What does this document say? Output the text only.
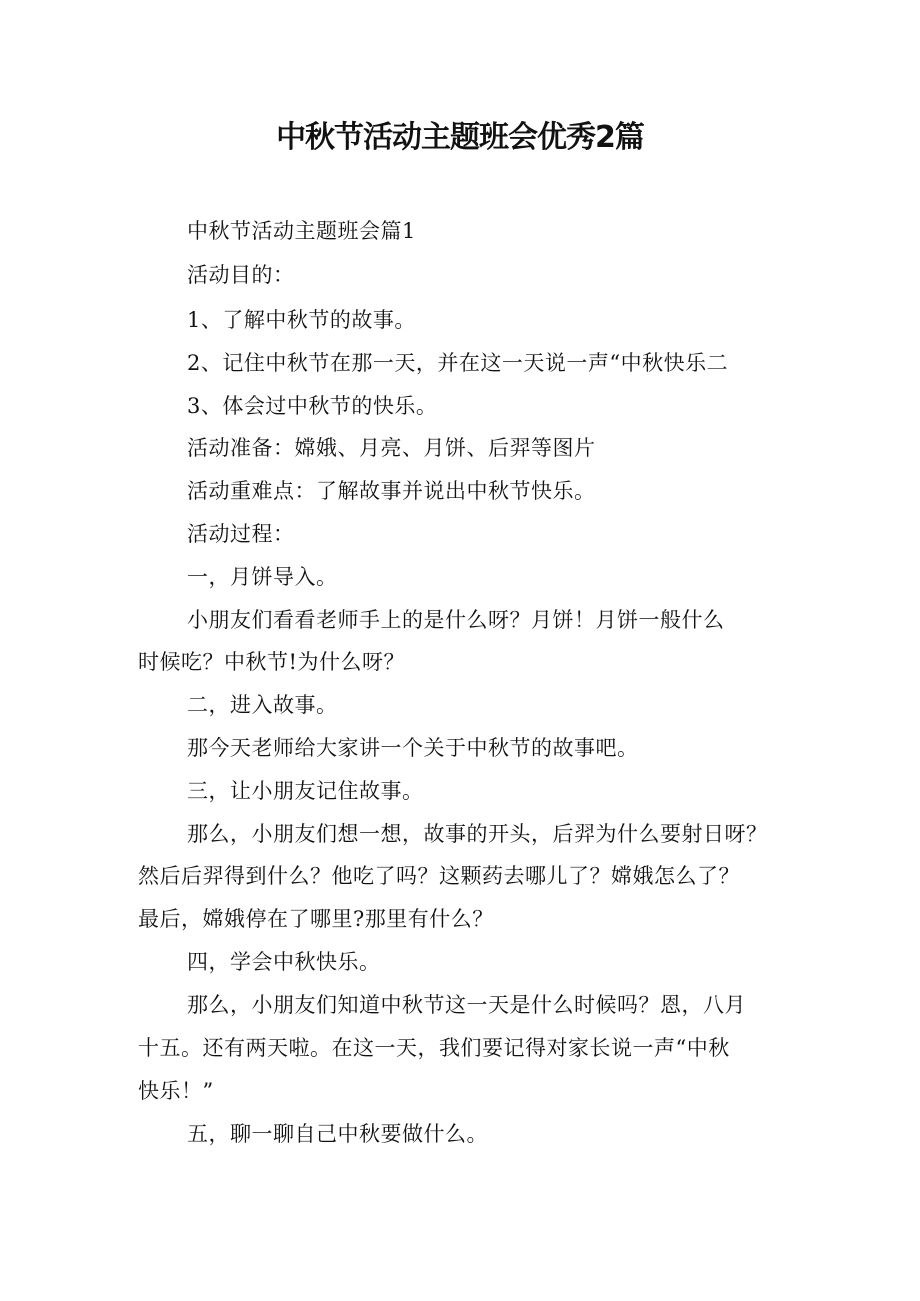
中秋节活动主题班会优秀2篇
中秋节活动主题班会篇1
活动目的：
1、了解中秋节的故事。
2、记住中秋节在那一天，并在这一天说一声“中秋快乐二
3、体会过中秋节的快乐。
活动准备：嫦娥、月亮、月饼、后羿等图片
活动重难点：了解故事并说出中秋节快乐。
活动过程：
一，月饼导入。
小朋友们看看老师手上的是什么呀？月饼！月饼一般什么
时候吃？中秋节!为什么呀？
二，进入故事。
那今天老师给大家讲一个关于中秋节的故事吧。
三，让小朋友记住故事。
那么，小朋友们想一想，故事的开头，后羿为什么要射日呀？
然后后羿得到什么？他吃了吗？这颗药去哪儿了？嫦娥怎么了？
最后，嫦娥停在了哪里?那里有什么？
四，学会中秋快乐。
那么，小朋友们知道中秋节这一天是什么时候吗？恩，八月
十五。还有两天啦。在这一天，我们要记得对家长说一声“中秋
快乐！”
五，聊一聊自己中秋要做什么。
